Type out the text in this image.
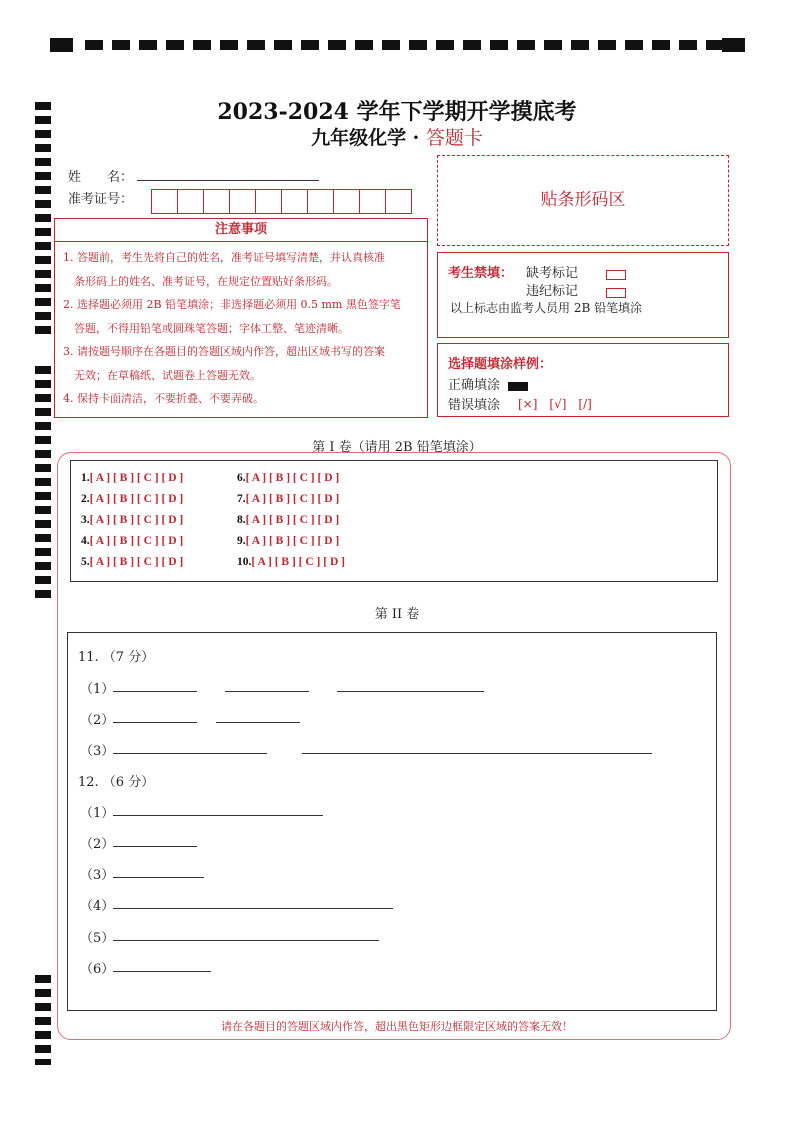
2023-2024 学年下学期开学摸底考
九年级化学 · 答题卡
姓　　名：
准考证号：
注意事项
1. 答题前，考生先将自己的姓名，准考证号填写清楚，并认真核准
　条形码上的姓名、准考证号，在规定位置贴好条形码。
2. 选择题必须用 2B 铅笔填涂；非选择题必须用 0.5 mm 黑色签字笔
　答题，不得用铅笔或圆珠笔答题；字体工整、笔迹清晰。
3. 请按题号顺序在各题目的答题区域内作答，超出区域书写的答案
　无效；在草稿纸、试题卷上答题无效。
4. 保持卡面清洁，不要折叠、不要弄破。
贴条形码区
考生禁填： 缺考标记
违纪标记
以上标志由监考人员用 2B 铅笔填涂
选择题填涂样例：
正确填涂
错误填涂 [×]　[√]　[/]
第 I 卷（请用 2B 铅笔填涂）
1.[ A ] [ B ] [ C ] [ D ]
2.[ A ] [ B ] [ C ] [ D ]
3.[ A ] [ B ] [ C ] [ D ]
4.[ A ] [ B ] [ C ] [ D ]
5.[ A ] [ B ] [ C ] [ D ]
6.[ A ] [ B ] [ C ] [ D ]
7.[ A ] [ B ] [ C ] [ D ]
8.[ A ] [ B ] [ C ] [ D ]
9.[ A ] [ B ] [ C ] [ D ]
10.[ A ] [ B ] [ C ] [ D ]
第 II 卷
11. （7 分）
（1）
（2）
（3）
12. （6 分）
（1）
（2）
（3）
（4）
（5）
（6）
请在各题目的答题区域内作答，超出黑色矩形边框限定区域的答案无效！
